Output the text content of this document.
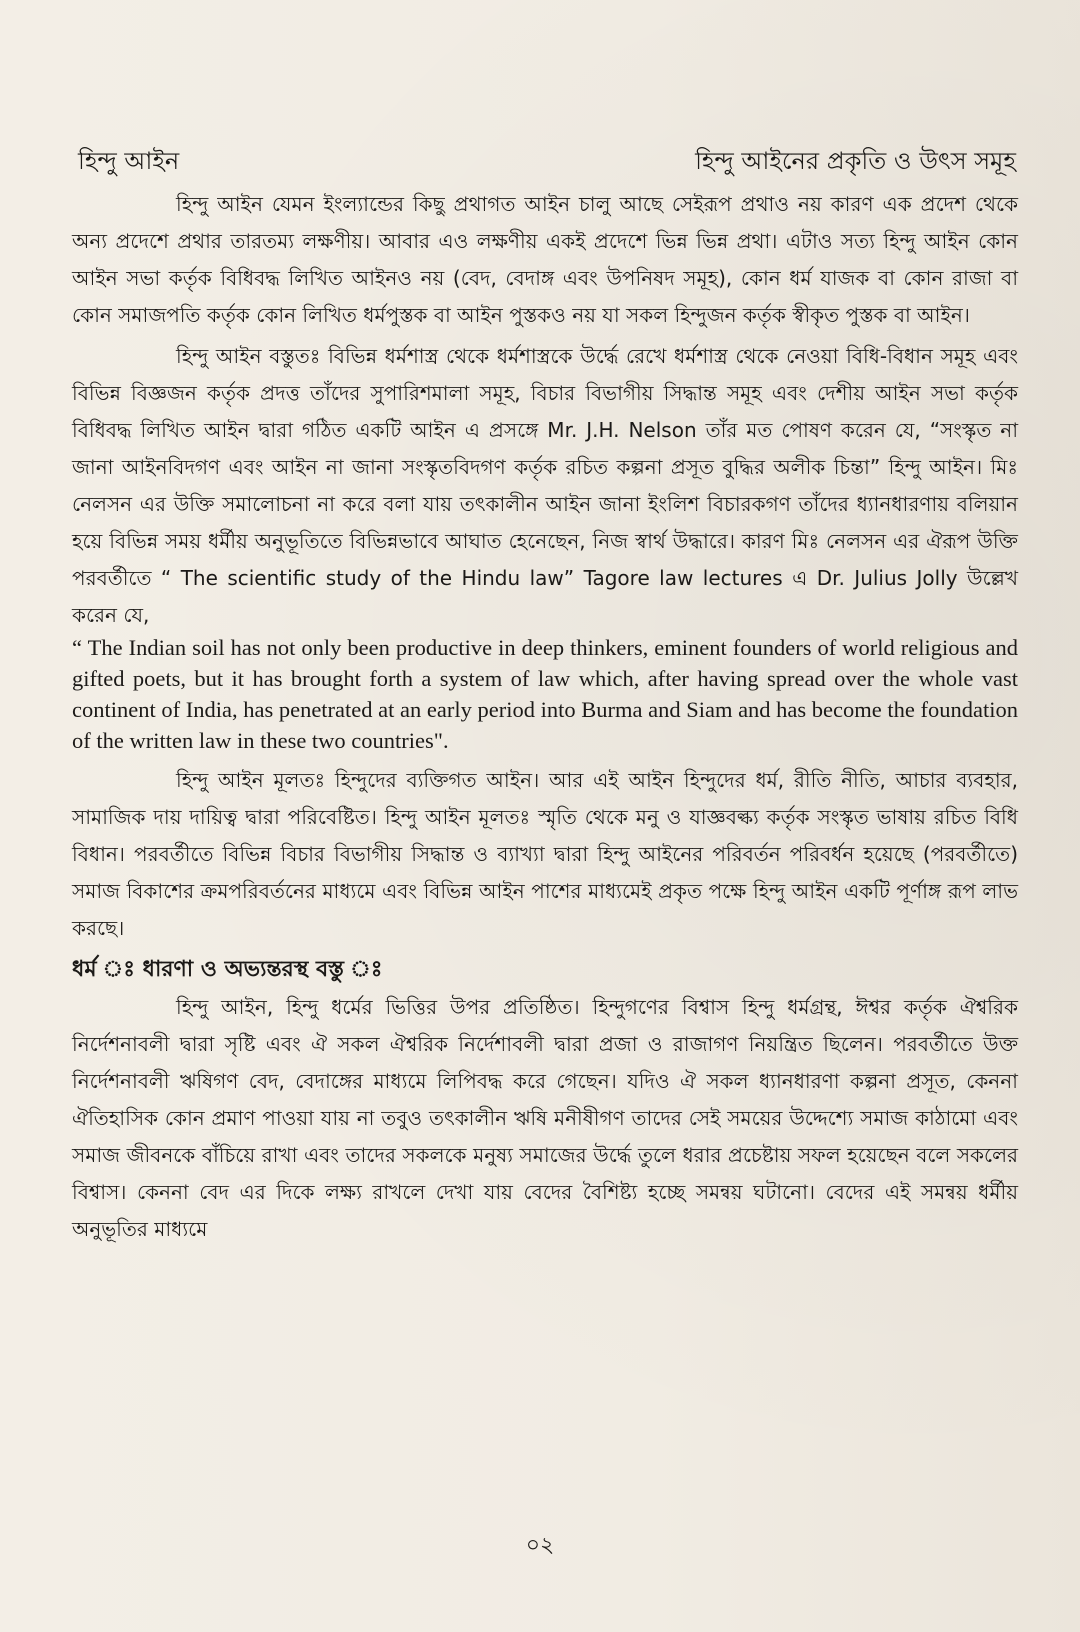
হিন্দু আইন	হিন্দু আইনের প্রকৃতি ও উৎস সমূহ

হিন্দু আইন যেমন ইংল্যান্ডের কিছু প্রথাগত আইন চালু আছে সেইরূপ প্রথাও নয় কারণ এক প্রদেশ থেকে অন্য প্রদেশে প্রথার তারতম্য লক্ষণীয়। আবার এও লক্ষণীয় একই প্রদেশে ভিন্ন ভিন্ন প্রথা। এটাও সত্য হিন্দু আইন কোন আইন সভা কর্তৃক বিধিবদ্ধ লিখিত আইনও নয় (বেদ, বেদাঙ্গ এবং উপনিষদ সমূহ), কোন ধর্ম যাজক বা কোন রাজা বা কোন সমাজপতি কর্তৃক কোন লিখিত ধর্মপুস্তক বা আইন পুস্তকও নয় যা সকল হিন্দুজন কর্তৃক স্বীকৃত পুস্তক বা আইন।

হিন্দু আইন বস্তুতঃ বিভিন্ন ধর্মশাস্ত্র থেকে ধর্মশাস্ত্রকে উর্দ্ধে রেখে ধর্মশাস্ত্র থেকে নেওয়া বিধি-বিধান সমূহ এবং বিভিন্ন বিজ্ঞজন কর্তৃক প্রদত্ত তাঁদের সুপারিশমালা সমূহ, বিচার বিভাগীয় সিদ্ধান্ত সমূহ এবং দেশীয় আইন সভা কর্তৃক বিধিবদ্ধ লিখিত আইন দ্বারা গঠিত একটি আইন এ প্রসঙ্গে Mr. J.H. Nelson তাঁর মত পোষণ করেন যে, “সংস্কৃত না জানা আইনবিদগণ এবং আইন না জানা সংস্কৃতবিদগণ কর্তৃক রচিত কল্পনা প্রসূত বুদ্ধির অলীক চিন্তা” হিন্দু আইন। মিঃ নেলসন এর উক্তি সমালোচনা না করে বলা যায় তৎকালীন আইন জানা ইংলিশ বিচারকগণ তাঁদের ধ্যানধারণায় বলিয়ান হয়ে বিভিন্ন সময় ধর্মীয় অনুভূতিতে বিভিন্নভাবে আঘাত হেনেছেন, নিজ স্বার্থ উদ্ধারে। কারণ মিঃ নেলসন এর ঐরূপ উক্তি পরবর্তীতে “ The scientific study of the Hindu law” Tagore law lectures এ Dr. Julius Jolly উল্লেখ করেন যে,

“ The Indian soil has not only been productive in deep thinkers, eminent founders of world religious and gifted poets, but it has brought forth a system of law which, after having spread over the whole vast continent of India, has penetrated at an early period into Burma and Siam and has become the foundation of the written law in these two countries".

হিন্দু আইন মূলতঃ হিন্দুদের ব্যক্তিগত আইন। আর এই আইন হিন্দুদের ধর্ম, রীতি নীতি, আচার ব্যবহার, সামাজিক দায় দায়িত্ব দ্বারা পরিবেষ্টিত। হিন্দু আইন মূলতঃ স্মৃতি থেকে মনু ও যাজ্ঞবল্ক্য কর্তৃক সংস্কৃত ভাষায় রচিত বিধি বিধান। পরবর্তীতে বিভিন্ন বিচার বিভাগীয় সিদ্ধান্ত ও ব্যাখ্যা দ্বারা হিন্দু আইনের পরিবর্তন পরিবর্ধন হয়েছে (পরবর্তীতে) সমাজ বিকাশের ক্রমপরিবর্তনের মাধ্যমে এবং বিভিন্ন আইন পাশের মাধ্যমেই প্রকৃত পক্ষে হিন্দু আইন একটি পূর্ণাঙ্গ রূপ লাভ করছে।

ধর্ম ঃ ধারণা ও অভ্যন্তরস্থ বস্তু ঃ

হিন্দু আইন, হিন্দু ধর্মের ভিত্তির উপর প্রতিষ্ঠিত। হিন্দুগণের বিশ্বাস হিন্দু ধর্মগ্রন্থ, ঈশ্বর কর্তৃক ঐশ্বরিক নির্দেশনাবলী দ্বারা সৃষ্টি এবং ঐ সকল ঐশ্বরিক নির্দেশাবলী দ্বারা প্রজা ও রাজাগণ নিয়ন্ত্রিত ছিলেন। পরবর্তীতে উক্ত নির্দেশনাবলী ঋষিগণ বেদ, বেদাঙ্গের মাধ্যমে লিপিবদ্ধ করে গেছেন। যদিও ঐ সকল ধ্যানধারণা কল্পনা প্রসূত, কেননা ঐতিহাসিক কোন প্রমাণ পাওয়া যায় না তবুও তৎকালীন ঋষি মনীষীগণ তাদের সেই সময়ের উদ্দেশ্যে সমাজ কাঠামো এবং সমাজ জীবনকে বাঁচিয়ে রাখা এবং তাদের সকলকে মনুষ্য সমাজের উর্দ্ধে তুলে ধরার প্রচেষ্টায় সফল হয়েছেন বলে সকলের বিশ্বাস। কেননা বেদ এর দিকে লক্ষ্য রাখলে দেখা যায় বেদের বৈশিষ্ট্য হচ্ছে সমন্বয় ঘটানো। বেদের এই সমন্বয় ধর্মীয় অনুভূতির মাধ্যমে

০২
